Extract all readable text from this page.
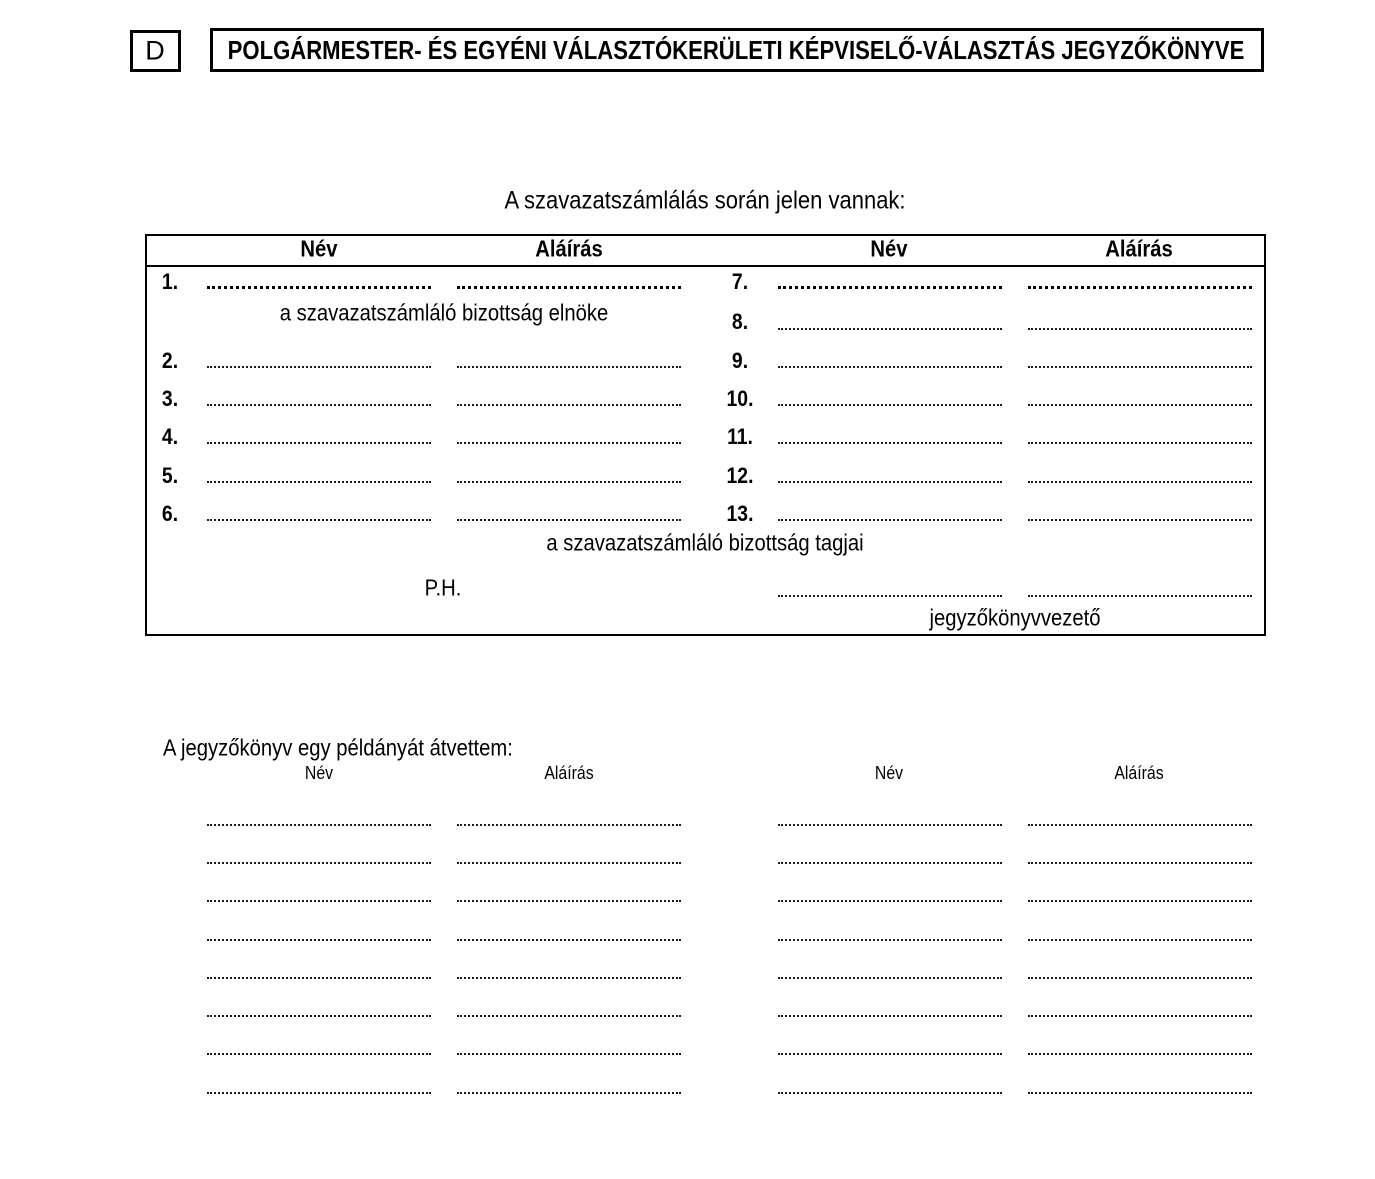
D POLGÁRMESTER- ÉS EGYÉNI VÁLASZTÓKERÜLETI KÉPVISELŐ-VÁLASZTÁS JEGYZŐKÖNYVE
A szavazatszámlálás során jelen vannak:
Név	Aláírás	Név	Aláírás
1.	7.
a szavazatszámláló bizottság elnöke	8.
2.	9.
3.	10.
4.	11.
5.	12.
6.	13.
a szavazatszámláló bizottság tagjai
P.H.
jegyzőkönyvvezető
A jegyzőkönyv egy példányát átvettem:
Név	Aláírás	Név	Aláírás
